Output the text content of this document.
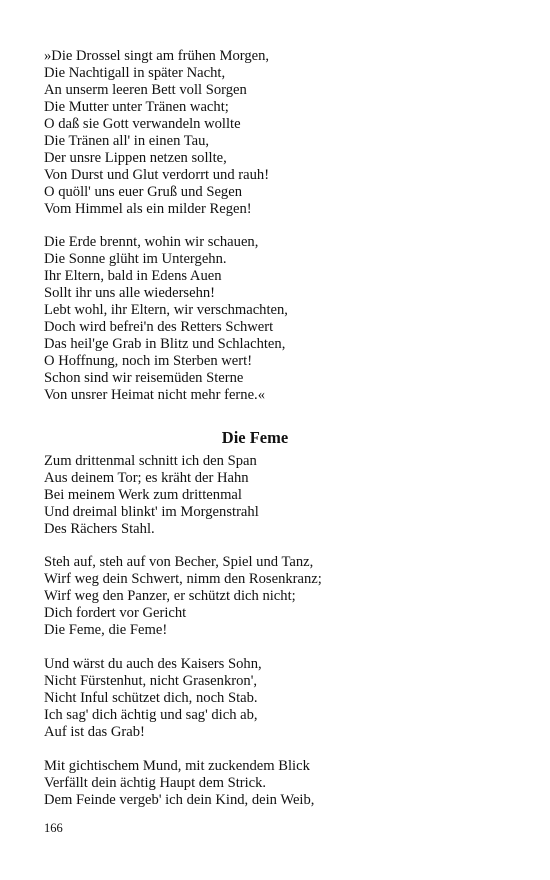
»Die Drossel singt am frühen Morgen,
Die Nachtigall in später Nacht,
An unserm leeren Bett voll Sorgen
Die Mutter unter Tränen wacht;
O daß sie Gott verwandeln wollte
Die Tränen all' in einen Tau,
Der unsre Lippen netzen sollte,
Von Durst und Glut verdorrt und rauh!
O quöll' uns euer Gruß und Segen
Vom Himmel als ein milder Regen!
Die Erde brennt, wohin wir schauen,
Die Sonne glüht im Untergehn.
Ihr Eltern, bald in Edens Auen
Sollt ihr uns alle wiedersehn!
Lebt wohl, ihr Eltern, wir verschmachten,
Doch wird befrei'n des Retters Schwert
Das heil'ge Grab in Blitz und Schlachten,
O Hoffnung, noch im Sterben wert!
Schon sind wir reisemüden Sterne
Von unsrer Heimat nicht mehr ferne.«
Die Feme
Zum drittenmal schnitt ich den Span
Aus deinem Tor; es kräht der Hahn
Bei meinem Werk zum drittenmal
Und dreimal blinkt' im Morgenstrahl
Des Rächers Stahl.
Steh auf, steh auf von Becher, Spiel und Tanz,
Wirf weg dein Schwert, nimm den Rosenkranz;
Wirf weg den Panzer, er schützt dich nicht;
Dich fordert vor Gericht
Die Feme, die Feme!
Und wärst du auch des Kaisers Sohn,
Nicht Fürstenhut, nicht Grasenkron',
Nicht Inful schützet dich, noch Stab.
Ich sag' dich ächtig und sag' dich ab,
Auf ist das Grab!
Mit gichtischem Mund, mit zuckendem Blick
Verfällt dein ächtig Haupt dem Strick.
Dem Feinde vergeb' ich dein Kind, dein Weib,
166
